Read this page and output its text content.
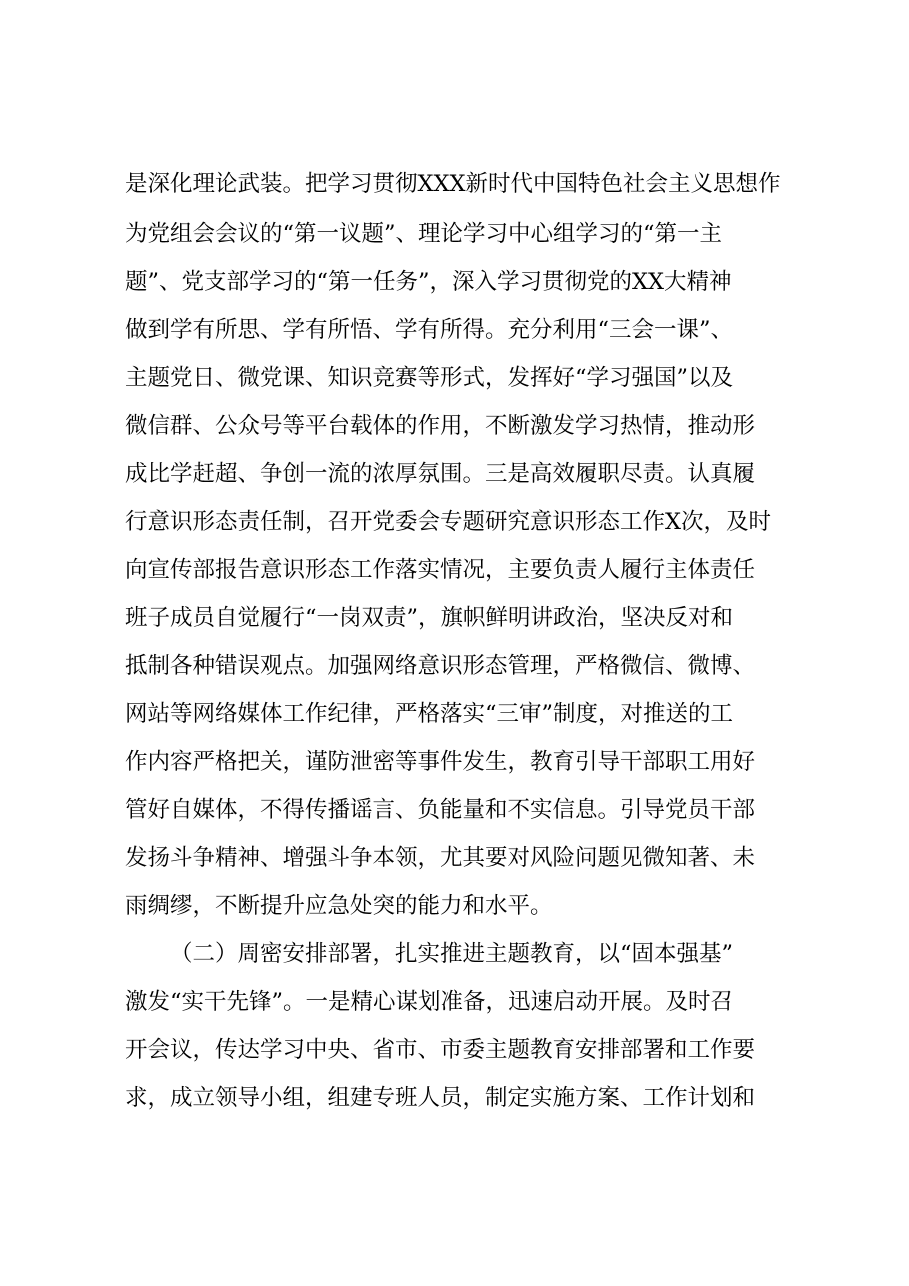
是深化理论武装。把学习贯彻XXX新时代中国特色社会主义思想作
为党组会会议的“第一议题”、理论学习中心组学习的“第一主
题”、党支部学习的“第一任务”，深入学习贯彻党的XX大精神
做到学有所思、学有所悟、学有所得。充分利用“三会一课”、
主题党日、微党课、知识竞赛等形式，发挥好“学习强国”以及
微信群、公众号等平台载体的作用，不断激发学习热情，推动形
成比学赶超、争创一流的浓厚氛围。三是高效履职尽责。认真履
行意识形态责任制，召开党委会专题研究意识形态工作X次，及时
向宣传部报告意识形态工作落实情况，主要负责人履行主体责任
班子成员自觉履行“一岗双责”，旗帜鲜明讲政治，坚决反对和
抵制各种错误观点。加强网络意识形态管理，严格微信、微博、
网站等网络媒体工作纪律，严格落实“三审”制度，对推送的工
作内容严格把关，谨防泄密等事件发生，教育引导干部职工用好
管好自媒体，不得传播谣言、负能量和不实信息。引导党员干部
发扬斗争精神、增强斗争本领，尤其要对风险问题见微知著、未
雨绸缪，不断提升应急处突的能力和水平。
（二）周密安排部署，扎实推进主题教育，以“固本强基”
激发“实干先锋”。一是精心谋划准备，迅速启动开展。及时召
开会议，传达学习中央、省市、市委主题教育安排部署和工作要
求，成立领导小组，组建专班人员，制定实施方案、工作计划和
